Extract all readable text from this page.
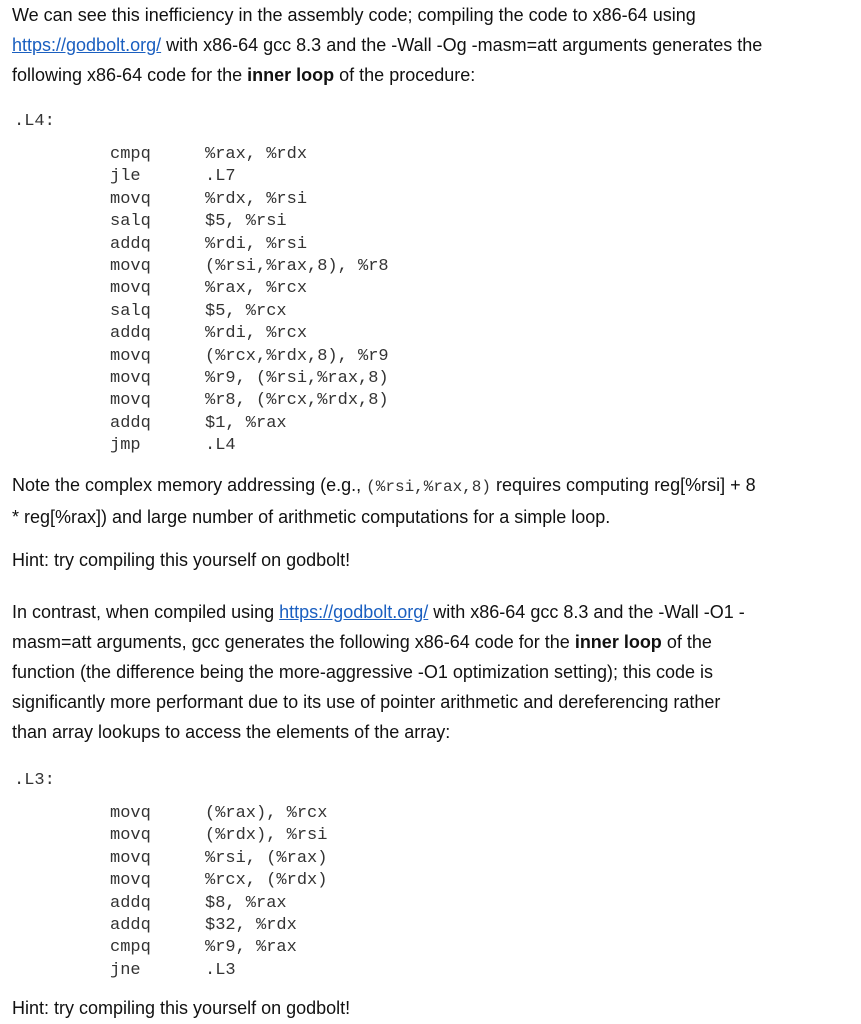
We can see this inefficiency in the assembly code; compiling the code to x86-64 using

https://godbolt.org/ with x86-64 gcc 8.3 and the -Wall -Og -masm=att arguments generates the

following x86-64 code for the inner loop of the procedure:

.L4:

cmpq	%rax, %rdx
jle	.L7
movq	%rdx, %rsi
salq	$5, %rsi
addq	%rdi, %rsi
movq	(%rsi,%rax,8), %r8
movq	%rax, %rcx
salq	$5, %rcx
addq	%rdi, %rcx
movq	(%rcx,%rdx,8), %r9
movq	%r9, (%rsi,%rax,8)
movq	%r8, (%rcx,%rdx,8)
addq	$1, %rax
jmp	.L4

Note the complex memory addressing (e.g., (%rsi,%rax,8) requires computing reg[%rsi] + 8

* reg[%rax]) and large number of arithmetic computations for a simple loop.

Hint: try compiling this yourself on godbolt!

In contrast, when compiled using https://godbolt.org/ with x86-64 gcc 8.3 and the -Wall -O1 -

masm=att arguments, gcc generates the following x86-64 code for the inner loop of the

function (the difference being the more-aggressive -O1 optimization setting); this code is

significantly more performant due to its use of pointer arithmetic and dereferencing rather

than array lookups to access the elements of the array:

.L3:

movq	(%rax), %rcx
movq	(%rdx), %rsi
movq	%rsi, (%rax)
movq	%rcx, (%rdx)
addq	$8, %rax
addq	$32, %rdx
cmpq	%r9, %rax
jne	.L3

Hint: try compiling this yourself on godbolt!
